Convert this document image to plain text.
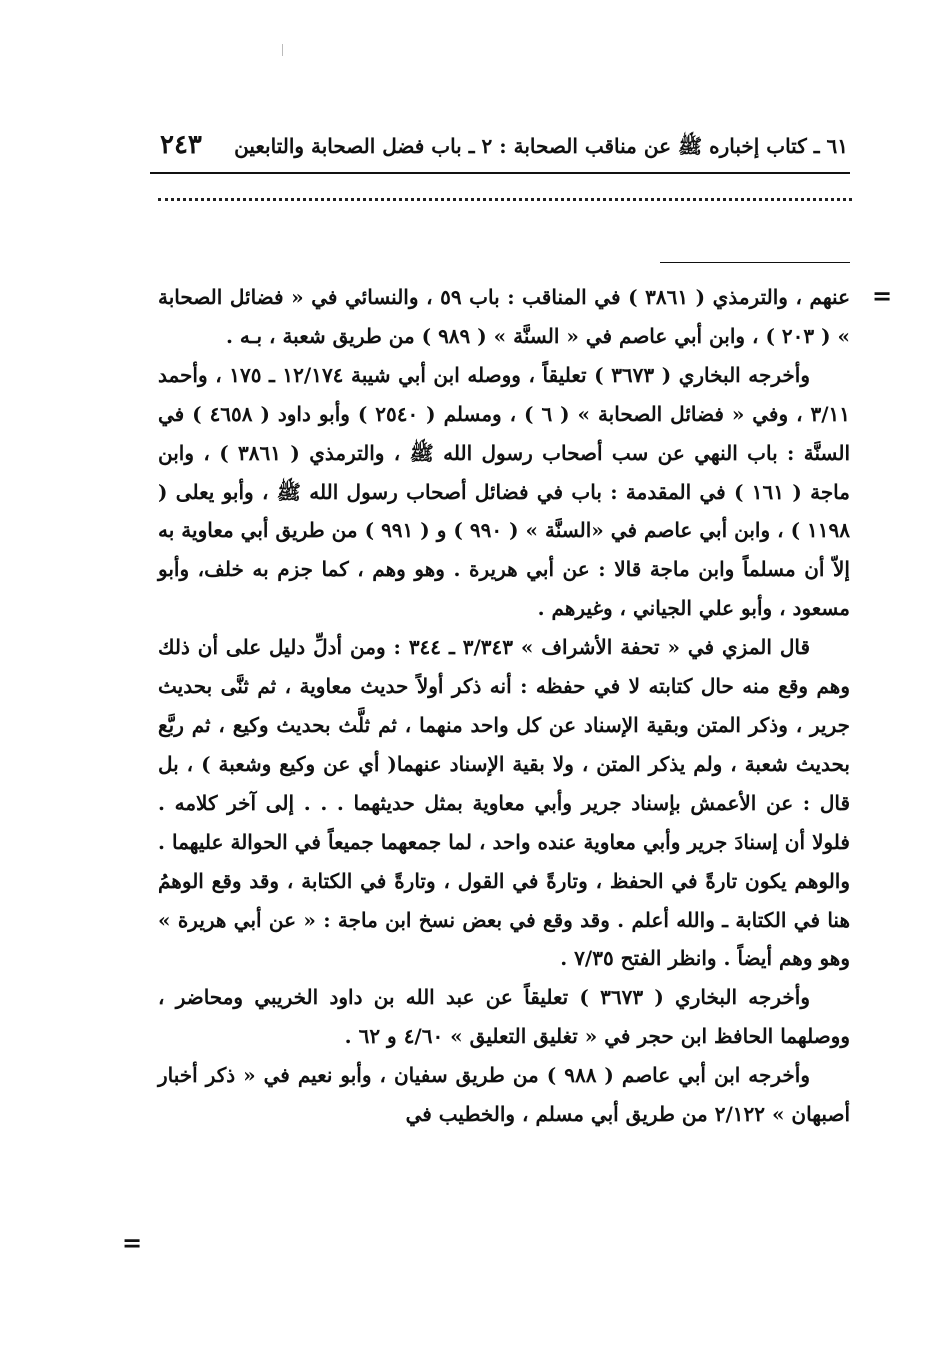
٦١ ـ كتاب إخباره ﷺ عن مناقب الصحابة : ٢ ـ باب فضل الصحابة والتابعين
٢٤٣
=

عنهم ، والترمذي ( ٣٨٦١ ) في المناقب : باب ٥٩ ، والنسائي في « فضائل الصحابة » ( ٢٠٣ ) ، وابن أبي عاصم في « السنَّة » ( ٩٨٩ ) من طريق شعبة ، بـه .

وأخرجه البخاري ( ٣٦٧٣ ) تعليقاً ، ووصله ابن أبي شيبة ١٢/١٧٤ ـ ١٧٥ ، وأحمد ٣/١١ ، وفي « فضائل الصحابة » ( ٦ ) ، ومسلم ( ٢٥٤٠ ) وأبو داود ( ٤٦٥٨ ) في السنَّة : باب النهي عن سب أصحاب رسول الله ﷺ ، والترمذي ( ٣٨٦١ ) ، وابن ماجة ( ١٦١ ) في المقدمة : باب في فضائل أصحاب رسول الله ﷺ ، وأبو يعلى ( ١١٩٨ ) ، وابن أبي عاصم في «السنَّة » ( ٩٩٠ ) و ( ٩٩١ ) من طريق أبي معاوية به إلاّ أن مسلماً وابن ماجة قالا : عن أبي هريرة . وهو وهم ، كما جزم به خلف، وأبو مسعود ، وأبو علي الجياني ، وغيرهم .

قال المزي في « تحفة الأشراف » ٣/٣٤٣ ـ ٣٤٤ : ومن أدلِّ دليل على أن ذلك وهم وقع منه حال كتابته لا في حفظه : أنه ذكر أولاً حديث معاوية ، ثم ثنَّى بحديث جرير ، وذكر المتن وبقية الإسناد عن كل واحد منهما ، ثم ثلَّث بحديث وكيع ، ثم ربَّع بحديث شعبة ، ولم يذكر المتن ، ولا بقية الإسناد عنهما( أي عن وكيع وشعبة ) ، بل قال : عن الأعمش بإسناد جرير وأبي معاوية بمثل حديثهما . . . إلى آخر كلامه . فلولا أن إسنادَ جرير وأبي معاوية عنده واحد ، لما جمعهما جميعاً في الحوالة عليهما . والوهم يكون تارةً في الحفظ ، وتارةً في القول ، وتارةً في الكتابة ، وقد وقع الوهمُ هنا في الكتابة ـ والله أعلم . وقد وقع في بعض نسخ ابن ماجة : « عن أبي هريرة » وهو وهم أيضاً . وانظر الفتح ٧/٣٥ .

وأخرجه البخاري ( ٣٦٧٣ ) تعليقاً عن عبد الله بن داود الخريبي ومحاضر ، ووصلهما الحافظ ابن حجر في « تغليق التعليق » ٤/٦٠ و ٦٢ .

وأخرجه ابن أبي عاصم ( ٩٨٨ ) من طريق سفيان ، وأبو نعيم في « ذكر أخبار أصبهان » ٢/١٢٢ من طريق أبي مسلم ، والخطيب في

=
